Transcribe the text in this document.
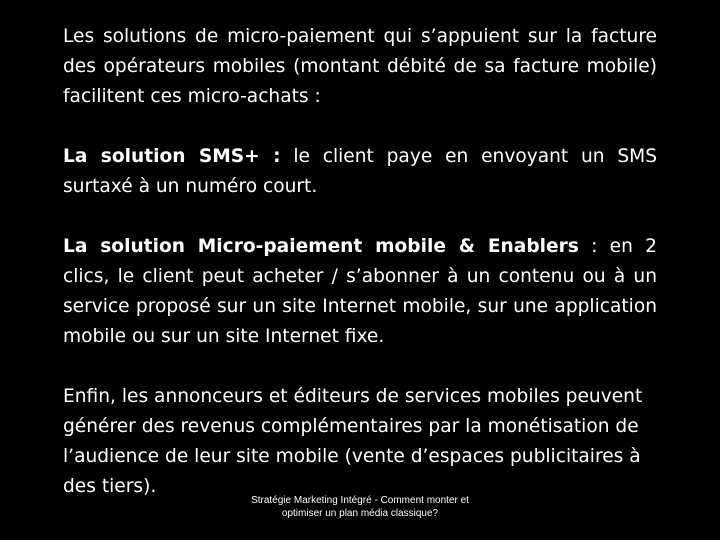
Les solutions de micro-paiement qui s’appuient sur la facture des opérateurs mobiles (montant débité de sa facture mobile) facilitent ces micro-achats :

La solution SMS+ : le client paye en envoyant un SMS surtaxé à un numéro court.

La solution Micro-paiement mobile & Enablers : en 2 clics, le client peut acheter / s’abonner à un contenu ou à un service proposé sur un site Internet mobile, sur une application mobile ou sur un site Internet fixe.

Enfin, les annonceurs et éditeurs de services mobiles peuvent générer des revenus complémentaires par la monétisation de l’audience de leur site mobile (vente d’espaces publicitaires à des tiers).

Stratégie Marketing Intégré - Comment monter et optimiser un plan média classique?
